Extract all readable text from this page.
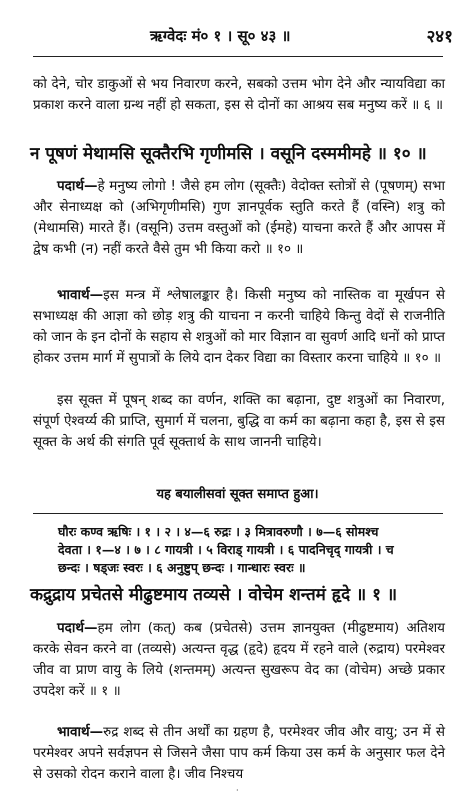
ऋग्वेदः मं० १ । सू० ४३ ॥	२४१

को देने, चोर डाकुओं से भय निवारण करने, सबको उत्तम भोग देने और न्यायविद्या का प्रकाश करने वाला ग्रन्थ नहीं हो सकता, इस से दोनों का आश्रय सब मनुष्य करें ॥ ६ ॥

न पूषणं मेथामसि सूक्तैरभि गृणीमसि । वसूनि दस्ममीमहे ॥ १० ॥

पदार्थ—हे मनुष्य लोगो ! जैसे हम लोग (सूक्तैः) वेदोक्त स्तोत्रों से (पूषणम्) सभा और सेनाध्यक्ष को (अभिगृणीमसि) गुण ज्ञानपूर्वक स्तुति करते हैं (वस्नि) शत्रु को (मेथामसि) मारते हैं। (वसूनि) उत्तम वस्तुओं को (ईमहे) याचना करते हैं और आपस में द्वेष कभी (न) नहीं करते वैसे तुम भी किया करो ॥ १० ॥

भावार्थ—इस मन्त्र में श्लेषालङ्कार है। किसी मनुष्य को नास्तिक वा मूर्खपन से सभाध्यक्ष की आज्ञा को छोड़ शत्रु की याचना न करनी चाहिये किन्तु वेदों से राजनीति को जान के इन दोनों के सहाय से शत्रुओं को मार विज्ञान वा सुवर्ण आदि धनों को प्राप्त होकर उत्तम मार्ग में सुपात्रों के लिये दान देकर विद्या का विस्तार करना चाहिये ॥ १० ॥

इस सूक्त में पूषन् शब्द का वर्णन, शक्ति का बढ़ाना, दुष्ट शत्रुओं का निवारण, संपूर्ण ऐश्वर्य्य की प्राप्ति, सुमार्ग में चलना, बुद्धि वा कर्म का बढ़ाना कहा है, इस से इस सूक्त के अर्थ की संगति पूर्व सूक्तार्थ के साथ जाननी चाहिये।

यह बयालीसवां सूक्त समाप्त हुआ।
घौरः कण्व ऋषिः । १ । २ । ४—६ रुद्रः । ३ मित्रावरुणौ । ७—६ सोमश्च
देवता । १—४ । ७ । ८ गायत्री । ५ विराड् गायत्री । ६ पादनिचृद् गायत्री । च
छन्दः । षड्जः स्वरः । ६ अनुष्टुप् छन्दः । गान्धारः स्वरः ॥

कद्रुद्राय प्रचेतसे मीढुष्टमाय तव्यसे । वोचेम शन्तमं हृदे ॥ १ ॥

पदार्थ—हम लोग (कत्) कब (प्रचेतसे) उत्तम ज्ञानयुक्त (मीढुष्टमाय) अतिशय करके सेवन करने वा (तव्यसे) अत्यन्त वृद्ध (हृदे) हृदय में रहने वाले (रुद्राय) परमेश्वर जीव वा प्राण वायु के लिये (शन्तमम्) अत्यन्त सुखरूप वेद का (वोचेम) अच्छे प्रकार उपदेश करें ॥ १ ॥

भावार्थ—रुद्र शब्द से तीन अर्थों का ग्रहण है, परमेश्वर जीव और वायु; उन में से परमेश्वर अपने सर्वज्ञपन से जिसने जैसा पाप कर्म किया उस कर्म के अनुसार फल देने से उसको रोदन कराने वाला है। जीव निश्चय

·
